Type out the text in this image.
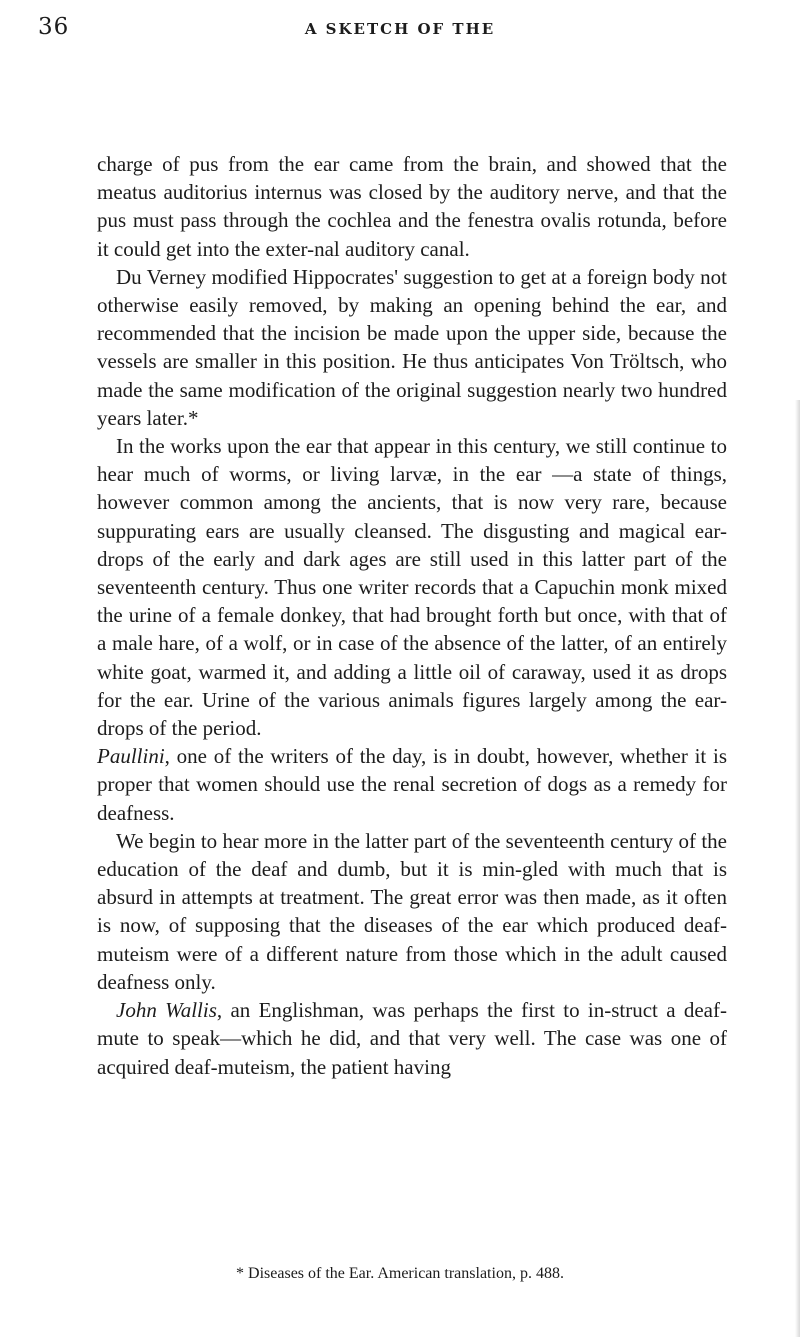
36	A SKETCH OF THE

charge of pus from the ear came from the brain, and showed that the meatus auditorius internus was closed by the auditory nerve, and that the pus must pass through the cochlea and the fenestra ovalis rotunda, before it could get into the exter-nal auditory canal.

Du Verney modified Hippocrates' suggestion to get at a foreign body not otherwise easily removed, by making an opening behind the ear, and recommended that the incision be made upon the upper side, because the vessels are smaller in this position. He thus anticipates Von Tröltsch, who made the same modification of the original suggestion nearly two hundred years later.*

In the works upon the ear that appear in this century, we still continue to hear much of worms, or living larvæ, in the ear —a state of things, however common among the ancients, that is now very rare, because suppurating ears are usually cleansed. The disgusting and magical ear-drops of the early and dark ages are still used in this latter part of the seventeenth century. Thus one writer records that a Capuchin monk mixed the urine of a female donkey, that had brought forth but once, with that of a male hare, of a wolf, or in case of the absence of the latter, of an entirely white goat, warmed it, and adding a little oil of caraway, used it as drops for the ear. Urine of the various animals figures largely among the ear-drops of the period.

Paullini, one of the writers of the day, is in doubt, however, whether it is proper that women should use the renal secretion of dogs as a remedy for deafness.

We begin to hear more in the latter part of the seventeenth century of the education of the deaf and dumb, but it is min-gled with much that is absurd in attempts at treatment. The great error was then made, as it often is now, of supposing that the diseases of the ear which produced deaf-muteism were of a different nature from those which in the adult caused deafness only.

John Wallis, an Englishman, was perhaps the first to in-struct a deaf-mute to speak—which he did, and that very well. The case was one of acquired deaf-muteism, the patient having

* Diseases of the Ear. American translation, p. 488.
